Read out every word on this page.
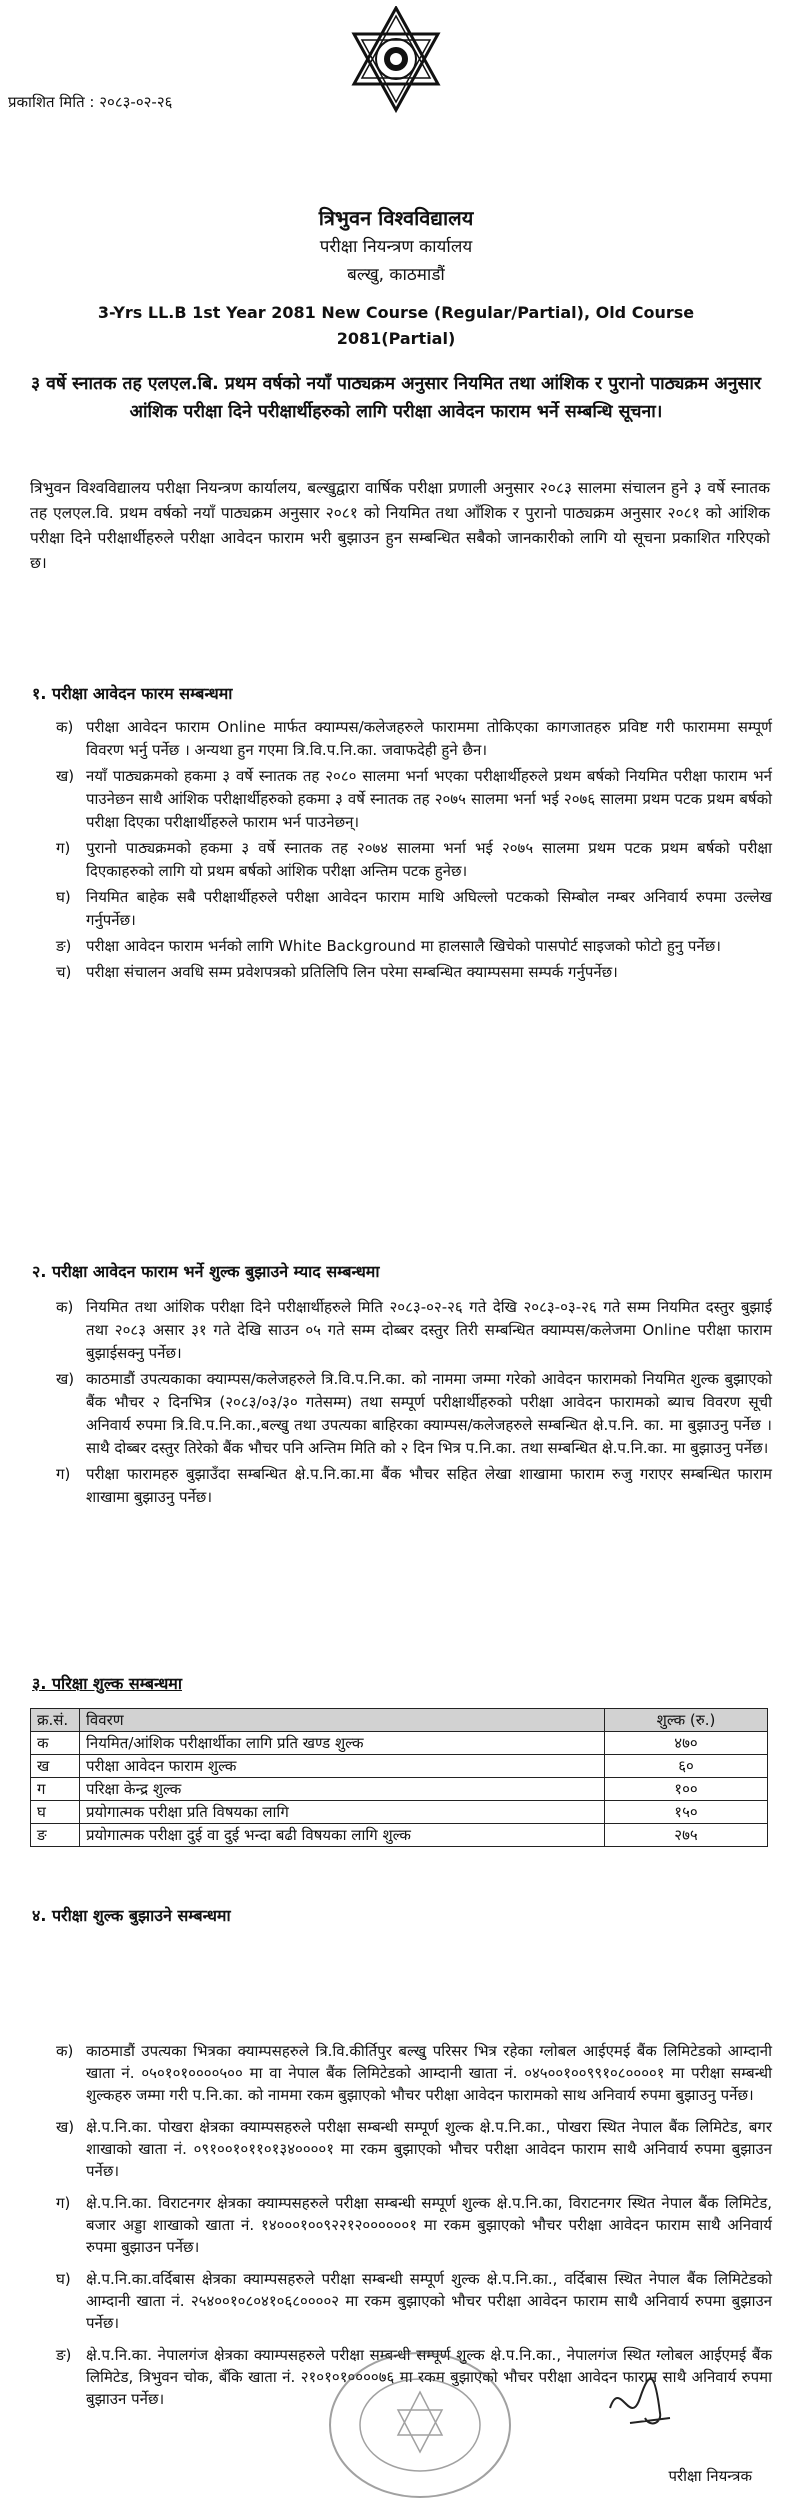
प्रकाशित मिति : २०८३-०२-२६
त्रिभुवन विश्वविद्यालय
परीक्षा नियन्त्रण कार्यालय
बल्खु, काठमाडौं
3-Yrs LL.B 1st Year 2081 New Course (Regular/Partial), Old Course
2081(Partial)
३ वर्षे स्नातक तह एलएल.बि. प्रथम वर्षको नयाँ पाठ्यक्रम अनुसार नियमित तथा आंशिक र पुरानो पाठ्यक्रम अनुसार आंशिक परीक्षा दिने परीक्षार्थीहरुको लागि परीक्षा आवेदन फाराम भर्ने सम्बन्धि सूचना।
त्रिभुवन विश्वविद्यालय परीक्षा नियन्त्रण कार्यालय, बल्खुद्वारा वार्षिक परीक्षा प्रणाली अनुसार २०८३ सालमा संचालन हुने ३ वर्षे स्नातक तह एलएल.वि. प्रथम वर्षको नयाँ पाठ्यक्रम अनुसार २०८१ को नियमित तथा आँशिक र पुरानो पाठ्यक्रम अनुसार २०८१ को आंशिक परीक्षा दिने परीक्षार्थीहरुले परीक्षा आवेदन फाराम भरी बुझाउन हुन सम्बन्धित सबैको जानकारीको लागि यो सूचना प्रकाशित गरिएको छ।
१. परीक्षा आवेदन फारम सम्बन्धमा
क) परीक्षा आवेदन फाराम Online मार्फत क्याम्पस/कलेजहरुले फाराममा तोकिएका कागजातहरु प्रविष्ट गरी फाराममा सम्पूर्ण विवरण भर्नु पर्नेछ । अन्यथा हुन गएमा त्रि.वि.प.नि.का. जवाफदेही हुने छैन।
ख) नयाँ पाठ्यक्रमको हकमा ३ वर्षे स्नातक तह २०८० सालमा भर्ना भएका परीक्षार्थीहरुले प्रथम बर्षको नियमित परीक्षा फाराम भर्न पाउनेछन साथै आंशिक परीक्षार्थीहरुको हकमा ३ वर्षे स्नातक तह २०७५ सालमा भर्ना भई २०७६ सालमा प्रथम पटक प्रथम बर्षको परीक्षा दिएका परीक्षार्थीहरुले फाराम भर्न पाउनेछन्।
ग)	पुरानो पाठ्यक्रमको हकमा ३ वर्षे स्नातक तह २०७४ सालमा भर्ना भई २०७५ सालमा प्रथम पटक प्रथम बर्षको परीक्षा दिएकाहरुको लागि यो प्रथम बर्षको आंशिक परीक्षा अन्तिम पटक हुनेछ।
घ)	नियमित बाहेक सबै परीक्षार्थीहरुले परीक्षा आवेदन फाराम माथि अघिल्लो पटकको सिम्बोल नम्बर अनिवार्य रुपमा उल्लेख गर्नुपर्नेछ।
ङ) परीक्षा आवेदन फाराम भर्नको लागि White Background मा हालसालै खिचेको पासपोर्ट साइजको फोटो हुनु पर्नेछ।
च) परीक्षा संचालन अवधि सम्म प्रवेशपत्रको प्रतिलिपि लिन परेमा सम्बन्धित क्याम्पसमा सम्पर्क गर्नुपर्नेछ।
२. परीक्षा आवेदन फाराम भर्ने शुल्क बुझाउने म्याद सम्बन्धमा
क) नियमित तथा आंशिक परीक्षा दिने परीक्षार्थीहरुले मिति २०८३-०२-२६ गते देखि २०८३-०३-२६ गते सम्म नियमित दस्तुर बुझाई तथा २०८३ असार ३१ गते देखि साउन ०५ गते सम्म दोब्बर दस्तुर तिरी सम्बन्धित क्याम्पस/कलेजमा Online परीक्षा फाराम बुझाईसक्नु पर्नेछ।
ख) काठमाडौं उपत्यकाका क्याम्पस/कलेजहरुले त्रि.वि.प.नि.का. को नाममा जम्मा गरेको आवेदन फारामको नियमित शुल्क बुझाएको बैंक भौचर २ दिनभित्र (२०८३/०३/३० गतेसम्म) तथा सम्पूर्ण परीक्षार्थीहरुको परीक्षा आवेदन फारामको ब्याच विवरण सूची अनिवार्य रुपमा त्रि.वि.प.नि.का.,बल्खु तथा उपत्यका बाहिरका क्याम्पस/कलेजहरुले सम्बन्धित क्षे.प.नि. का. मा बुझाउनु पर्नेछ । साथै दोब्बर दस्तुर तिरेको बैंक भौचर पनि अन्तिम मिति को २ दिन भित्र प.नि.का. तथा सम्बन्धित क्षे.प.नि.का. मा बुझाउनु पर्नेछ।
ग)	परीक्षा फारामहरु बुझाउँदा सम्बन्धित क्षे.प.नि.का.मा बैंक भौचर सहित लेखा शाखामा फाराम रुजु गराएर सम्बन्धित फाराम शाखामा बुझाउनु पर्नेछ।
३. परिक्षा शुल्क सम्बन्धमा
क्र.सं.	विवरण	शुल्क (रु.)
क	नियमित/आंशिक परीक्षार्थीका लागि प्रति खण्ड शुल्क	४७०
ख	परीक्षा आवेदन फाराम शुल्क	६०
ग	परिक्षा केन्द्र शुल्क	१००
घ	प्रयोगात्मक परीक्षा प्रति विषयका लागि	१५०
ङ	प्रयोगात्मक परीक्षा दुई वा दुई भन्दा बढी विषयका लागि शुल्क	२७५
४. परीक्षा शुल्क बुझाउने सम्बन्धमा
क) काठमाडौं उपत्यका भित्रका क्याम्पसहरुले त्रि.वि.कीर्तिपुर बल्खु परिसर भित्र रहेका ग्लोबल आईएमई बैंक लिमिटेडको आम्दानी खाता नं. ०५०१०१००००५०० मा वा नेपाल बैंक लिमिटेडको आम्दानी खाता नं. ०४५००१००९९१०८००००१ मा परीक्षा सम्बन्धी शुल्कहरु जम्मा गरी प.नि.का. को नाममा रकम बुझाएको भौचर परीक्षा आवेदन फारामको साथ अनिवार्य रुपमा बुझाउनु पर्नेछ।
ख) क्षे.प.नि.का. पोखरा क्षेत्रका क्याम्पसहरुले परीक्षा सम्बन्धी सम्पूर्ण शुल्क क्षे.प.नि.का., पोखरा स्थित नेपाल बैंक लिमिटेड, बगर शाखाको खाता नं. ०९१००१०११०१३४००००१ मा रकम बुझाएको भौचर परीक्षा आवेदन फाराम साथै अनिवार्य रुपमा बुझाउन पर्नेछ।
ग)	क्षे.प.नि.का. विराटनगर क्षेत्रका क्याम्पसहरुले परीक्षा सम्बन्धी सम्पूर्ण शुल्क क्षे.प.नि.का, विराटनगर स्थित नेपाल बैंक लिमिटेड, बजार अड्डा शाखाको खाता नं. १४०००१००९२२१२००००००१ मा रकम बुझाएको भौचर परीक्षा आवेदन फाराम साथै अनिवार्य रुपमा बुझाउन पर्नेछ।
घ)	क्षे.प.नि.का.वर्दिबास क्षेत्रका क्याम्पसहरुले परीक्षा सम्बन्धी सम्पूर्ण शुल्क क्षे.प.नि.का., वर्दिबास स्थित नेपाल बैंक लिमिटेडको आम्दानी खाता नं. २५४००१०८०४१०६८००००२ मा रकम बुझाएको भौचर परीक्षा आवेदन फाराम साथै अनिवार्य रुपमा बुझाउन पर्नेछ।
ङ) क्षे.प.नि.का. नेपालगंज क्षेत्रका क्याम्पसहरुले परीक्षा सम्बन्धी सम्पूर्ण शुल्क क्षे.प.नि.का., नेपालगंज स्थित ग्लोबल आईएमई बैंक लिमिटेड, त्रिभुवन चोक, बँकि खाता नं. २१०१०१००००७६ मा रकम बुझाएको भौचर परीक्षा आवेदन फाराम साथै अनिवार्य रुपमा बुझाउन पर्नेछ।
परीक्षा नियन्त्रक
